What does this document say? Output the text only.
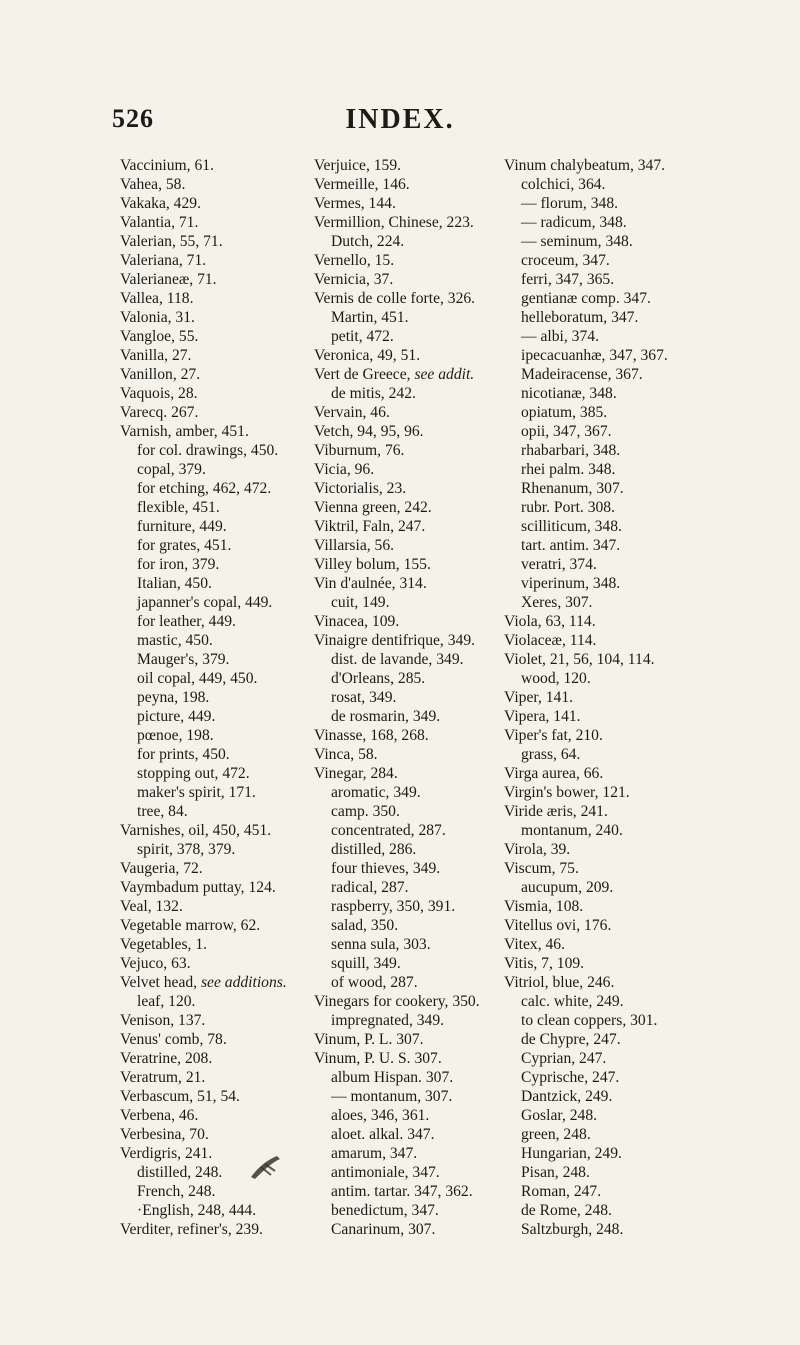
526	INDEX.
Vaccinium, 61.
Vahea, 58.
Vakaka, 429.
Valantia, 71.
Valerian, 55, 71.
Valeriana, 71.
Valerianeæ, 71.
Vallea, 118.
Valonia, 31.
Vangloe, 55.
Vanilla, 27.
Vanillon, 27.
Vaquois, 28.
Varecq. 267.
Varnish, amber, 451.
for col. drawings, 450.
copal, 379.
for etching, 462, 472.
flexible, 451.
furniture, 449.
for grates, 451.
for iron, 379.
Italian, 450.
japanner's copal, 449.
for leather, 449.
mastic, 450.
Mauger's, 379.
oil copal, 449, 450.
peyna, 198.
picture, 449.
pœnoe, 198.
for prints, 450.
stopping out, 472.
maker's spirit, 171.
tree, 84.
Varnishes, oil, 450, 451.
spirit, 378, 379.
Vaugeria, 72.
Vaymbadum puttay, 124.
Veal, 132.
Vegetable marrow, 62.
Vegetables, 1.
Vejuco, 63.
Velvet head, see additions.
leaf, 120.
Venison, 137.
Venus' comb, 78.
Veratrine, 208.
Veratrum, 21.
Verbascum, 51, 54.
Verbena, 46.
Verbesina, 70.
Verdigris, 241.
distilled, 248.
French, 248.
·English, 248, 444.
Verditer, refiner's, 239.
Verjuice, 159.
Vermeille, 146.
Vermes, 144.
Vermillion, Chinese, 223.
Dutch, 224.
Vernello, 15.
Vernicia, 37.
Vernis de colle forte, 326.
Martin, 451.
petit, 472.
Veronica, 49, 51.
Vert de Greece, see addit.
de mitis, 242.
Vervain, 46.
Vetch, 94, 95, 96.
Viburnum, 76.
Vicia, 96.
Victorialis, 23.
Vienna green, 242.
Viktril, Faln, 247.
Villarsia, 56.
Villey bolum, 155.
Vin d'aulnée, 314.
cuit, 149.
Vinacea, 109.
Vinaigre dentifrique, 349.
dist. de lavande, 349.
d'Orleans, 285.
rosat, 349.
de rosmarin, 349.
Vinasse, 168, 268.
Vinca, 58.
Vinegar, 284.
aromatic, 349.
camp. 350.
concentrated, 287.
distilled, 286.
four thieves, 349.
radical, 287.
raspberry, 350, 391.
salad, 350.
senna sula, 303.
squill, 349.
of wood, 287.
Vinegars for cookery, 350.
impregnated, 349.
Vinum, P. L. 307.
Vinum, P. U. S. 307.
album Hispan. 307.
— montanum, 307.
aloes, 346, 361.
aloet. alkal. 347.
amarum, 347.
antimoniale, 347.
antim. tartar. 347, 362.
benedictum, 347.
Canarinum, 307.
Vinum chalybeatum, 347.
colchici, 364.
— florum, 348.
— radicum, 348.
— seminum, 348.
croceum, 347.
ferri, 347, 365.
gentianæ comp. 347.
helleboratum, 347.
— albi, 374.
ipecacuanhæ, 347, 367.
Madeiracense, 367.
nicotianæ, 348.
opiatum, 385.
opii, 347, 367.
rhabarbari, 348.
rhei palm. 348.
Rhenanum, 307.
rubr. Port. 308.
scilliticum, 348.
tart. antim. 347.
veratri, 374.
viperinum, 348.
Xeres, 307.
Viola, 63, 114.
Violaceæ, 114.
Violet, 21, 56, 104, 114.
wood, 120.
Viper, 141.
Vipera, 141.
Viper's fat, 210.
grass, 64.
Virga aurea, 66.
Virgin's bower, 121.
Viride æris, 241.
montanum, 240.
Virola, 39.
Viscum, 75.
aucupum, 209.
Vismia, 108.
Vitellus ovi, 176.
Vitex, 46.
Vitis, 7, 109.
Vitriol, blue, 246.
calc. white, 249.
to clean coppers, 301.
de Chypre, 247.
Cyprian, 247.
Cyprische, 247.
Dantzick, 249.
Goslar, 248.
green, 248.
Hungarian, 249.
Pisan, 248.
Roman, 247.
de Rome, 248.
Saltzburgh, 248.
